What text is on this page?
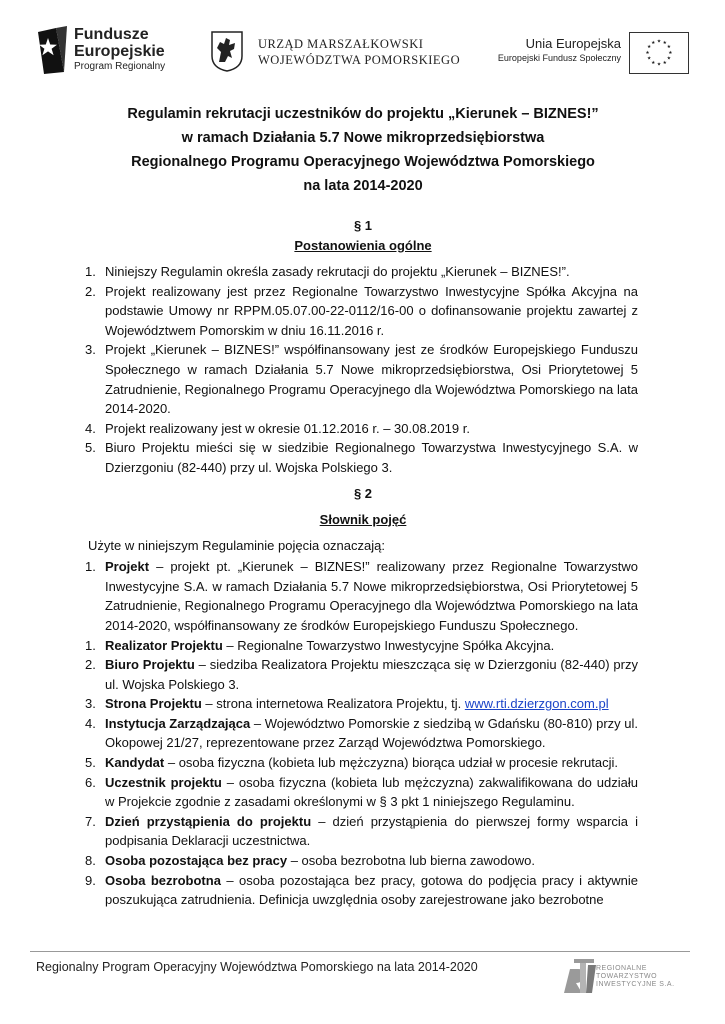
Fundusze
Europejskie
Program Regionalny
URZĄD MARSZAŁKOWSKI
WOJEWÓDZTWA POMORSKIEGO
Unia Europejska
Europejski Fundusz Społeczny
★ ★
★
★
★
★
★
★
★
★
★
★
Regulamin rekrutacji uczestników do projektu „Kierunek – BIZNES!”
w ramach Działania 5.7 Nowe mikroprzedsiębiorstwa
Regionalnego Programu Operacyjnego Województwa Pomorskiego
na lata 2014-2020
§ 1
Postanowienia ogólne
1. Niniejszy Regulamin określa zasady rekrutacji do projektu „Kierunek – BIZNES!”.
2. Projekt realizowany jest przez Regionalne Towarzystwo Inwestycyjne Spółka Akcyjna na podstawie Umowy nr RPPM.05.07.00-22-0112/16-00 o dofinansowanie projektu zawartej z Województwem Pomorskim w dniu 16.11.2016 r.
3. Projekt „Kierunek – BIZNES!” współfinansowany jest ze środków Europejskiego Funduszu Społecznego w ramach Działania 5.7 Nowe mikroprzedsiębiorstwa, Osi Priorytetowej 5 Zatrudnienie, Regionalnego Programu Operacyjnego dla Województwa Pomorskiego na lata 2014-2020.
4. Projekt realizowany jest w okresie 01.12.2016 r. – 30.08.2019 r.
5. Biuro Projektu mieści się w siedzibie Regionalnego Towarzystwa Inwestycyjnego S.A. w Dzierzgoniu (82-440) przy ul. Wojska Polskiego 3.
§ 2
Słownik pojęć
Użyte w niniejszym Regulaminie pojęcia oznaczają:
1. Projekt – projekt pt. „Kierunek – BIZNES!” realizowany przez Regionalne Towarzystwo Inwestycyjne S.A. w ramach Działania 5.7 Nowe mikroprzedsiębiorstwa, Osi Priorytetowej 5 Zatrudnienie, Regionalnego Programu Operacyjnego dla Województwa Pomorskiego na lata 2014-2020, współfinansowany ze środków Europejskiego Funduszu Społecznego.
1. Realizator Projektu – Regionalne Towarzystwo Inwestycyjne Spółka Akcyjna.
2. Biuro Projektu – siedziba Realizatora Projektu mieszcząca się w Dzierzgoniu (82-440) przy ul. Wojska Polskiego 3.
3. Strona Projektu – strona internetowa Realizatora Projektu, tj. www.rti.dzierzgon.com.pl
4. Instytucja Zarządzająca – Województwo Pomorskie z siedzibą w Gdańsku (80-810) przy ul. Okopowej 21/27, reprezentowane przez Zarząd Województwa Pomorskiego.
5. Kandydat – osoba fizyczna (kobieta lub mężczyzna) biorąca udział w procesie rekrutacji.
6. Uczestnik projektu – osoba fizyczna (kobieta lub mężczyzna) zakwalifikowana do udziału w Projekcie zgodnie z zasadami określonymi w § 3 pkt 1 niniejszego Regulaminu.
7. Dzień przystąpienia do projektu – dzień przystąpienia do pierwszej formy wsparcia i podpisania Deklaracji uczestnictwa.
8. Osoba pozostająca bez pracy – osoba bezrobotna lub bierna zawodowo.
9. Osoba bezrobotna – osoba pozostająca bez pracy, gotowa do podjęcia pracy i aktywnie poszukująca zatrudnienia. Definicja uwzględnia osoby zarejestrowane jako bezrobotne
Regionalny Program Operacyjny Województwa Pomorskiego na lata 2014-2020	REGIONALNE
TOWARZYSTWO
INWESTYCYJNE S.A.
